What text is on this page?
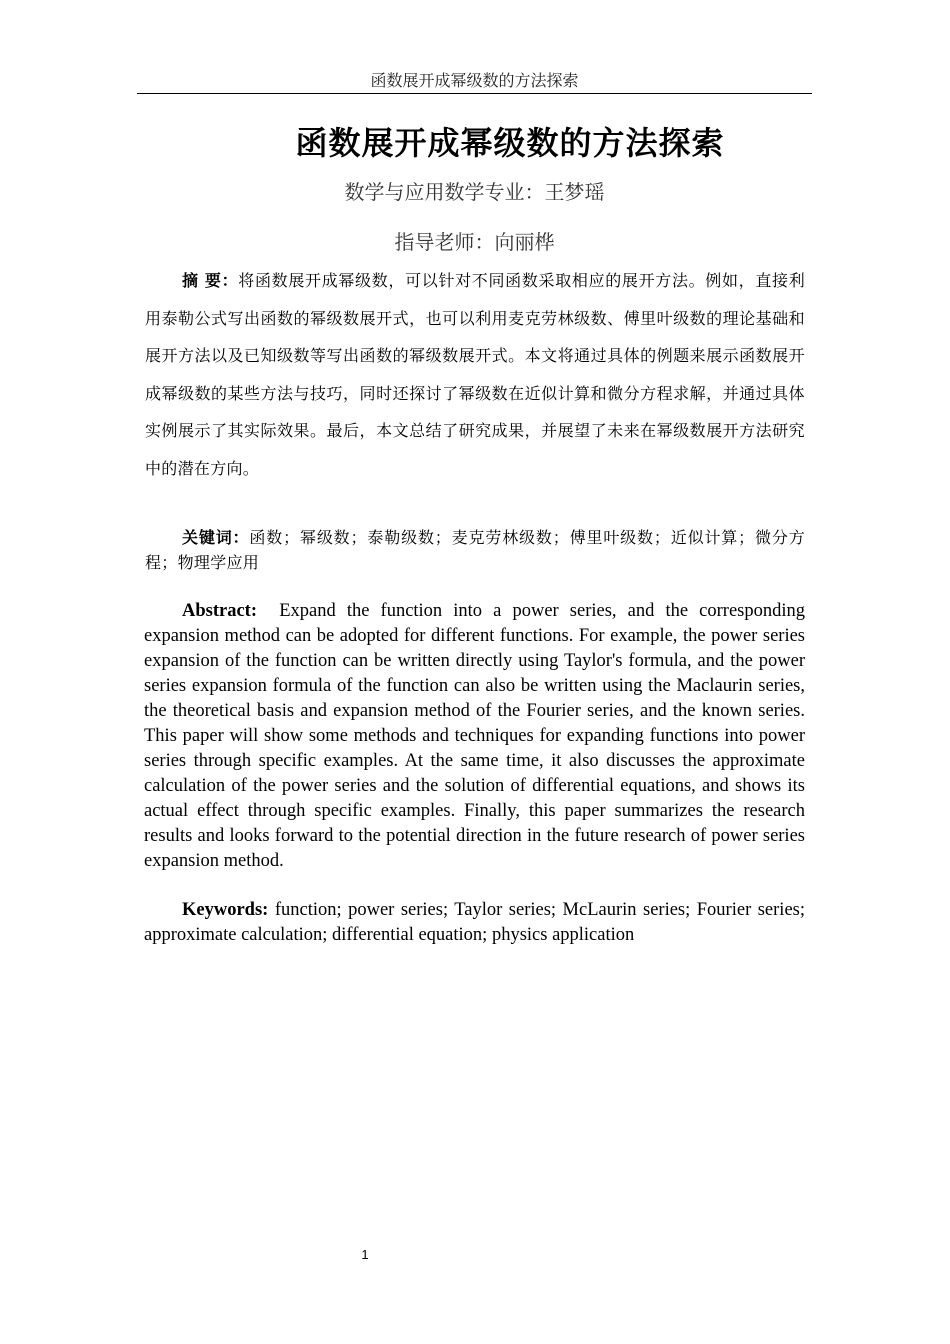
函数展开成幂级数的方法探索
函数展开成幂级数的方法探索
数学与应用数学专业：王梦瑶
指导老师：向丽桦

摘 要：将函数展开成幂级数，可以针对不同函数采取相应的展开方法。例如，直接利用泰勒公式写出函数的幂级数展开式，也可以利用麦克劳林级数、傅里叶级数的理论基础和展开方法以及已知级数等写出函数的幂级数展开式。本文将通过具体的例题来展示函数展开成幂级数的某些方法与技巧，同时还探讨了幂级数在近似计算和微分方程求解，并通过具体实例展示了其实际效果。最后，本文总结了研究成果，并展望了未来在幂级数展开方法研究中的潜在方向。

关键词：函数；幂级数；泰勒级数；麦克劳林级数；傅里叶级数；近似计算；微分方程；物理学应用

Abstract: Expand the function into a power series, and the corresponding expansion method can be adopted for different functions. For example, the power series expansion of the function can be written directly using Taylor's formula, and the power series expansion formula of the function can also be written using the Maclaurin series, the theoretical basis and expansion method of the Fourier series, and the known series. This paper will show some methods and techniques for expanding functions into power series through specific examples. At the same time, it also discusses the approximate calculation of the power series and the solution of differential equations, and shows its actual effect through specific examples. Finally, this paper summarizes the research results and looks forward to the potential direction in the future research of power series expansion method.

Keywords: function; power series; Taylor series; McLaurin series; Fourier series; approximate calculation; differential equation; physics application

1
